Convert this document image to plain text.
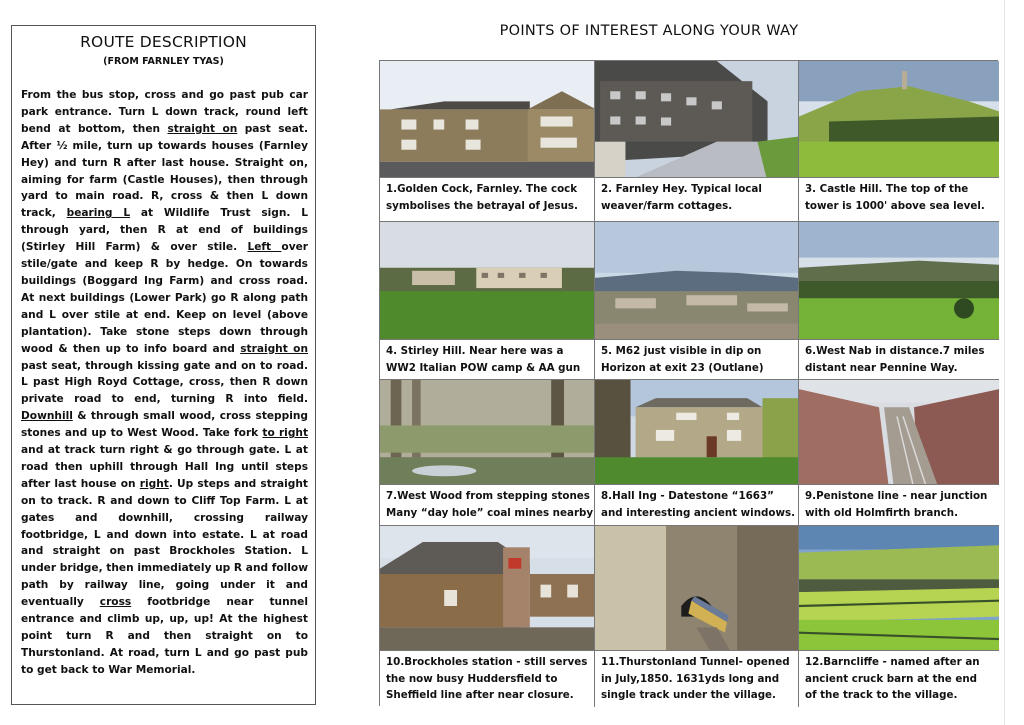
ROUTE DESCRIPTION
(FROM FARNLEY TYAS)
From the bus stop, cross and go past pub car park entrance. Turn L down track, round left bend at bottom, then straight on past seat. After ½ mile, turn up towards houses (Farnley Hey) and turn R after last house. Straight on, aiming for farm (Castle Houses), then through yard to main road. R, cross & then L down track, bearing L at Wildlife Trust sign. L through yard, then R at end of buildings (Stirley Hill Farm) & over stile. Left over stile/gate and keep R by hedge. On towards buildings (Boggard Ing Farm) and cross road. At next buildings (Lower Park) go R along path and L over stile at end. Keep on level (above plantation). Take stone steps down through wood & then up to info board and straight on past seat, through kissing gate and on to road. L past High Royd Cottage, cross, then R down private road to end, turning R into field. Downhill & through small wood, cross stepping stones and up to West Wood. Take fork to right and at track turn right & go through gate. L at road then uphill through Hall Ing until steps after last house on right. Up steps and straight on to track. R and down to Cliff Top Farm. L at gates and downhill, crossing railway footbridge, L and down into estate. L at road and straight on past Brockholes Station. L under bridge, then immediately up R and follow path by railway line, going under it and eventually cross footbridge near tunnel entrance and climb up, up, up! At the highest point turn R and then straight on to Thurstonland. At road, turn L and go past pub to get back to War Memorial.
POINTS OF INTEREST ALONG YOUR WAY
1.Golden Cock, Farnley. The cock
symbolises the betrayal of Jesus.
2. Farnley Hey. Typical local
weaver/farm cottages.
3. Castle Hill. The top of the
tower is 1000' above sea level.
4. Stirley Hill. Near here was a
WW2 Italian POW camp & AA gun
5. M62 just visible in dip on
Horizon at exit 23 (Outlane)
6.West Nab in distance.7 miles
distant near Pennine Way.
7.West Wood from stepping stones
Many “day hole” coal mines nearby
8.Hall Ing - Datestone “1663”
and interesting ancient windows.
9.Penistone line - near junction
with old Holmfirth branch.
10.Brockholes station - still serves
the now busy Huddersfield to
Sheffield line after near closure.
11.Thurstonland Tunnel- opened
in July,1850. 1631yds long and
single track under the village.
12.Barncliffe - named after an
ancient cruck barn at the end
of the track to the village.
